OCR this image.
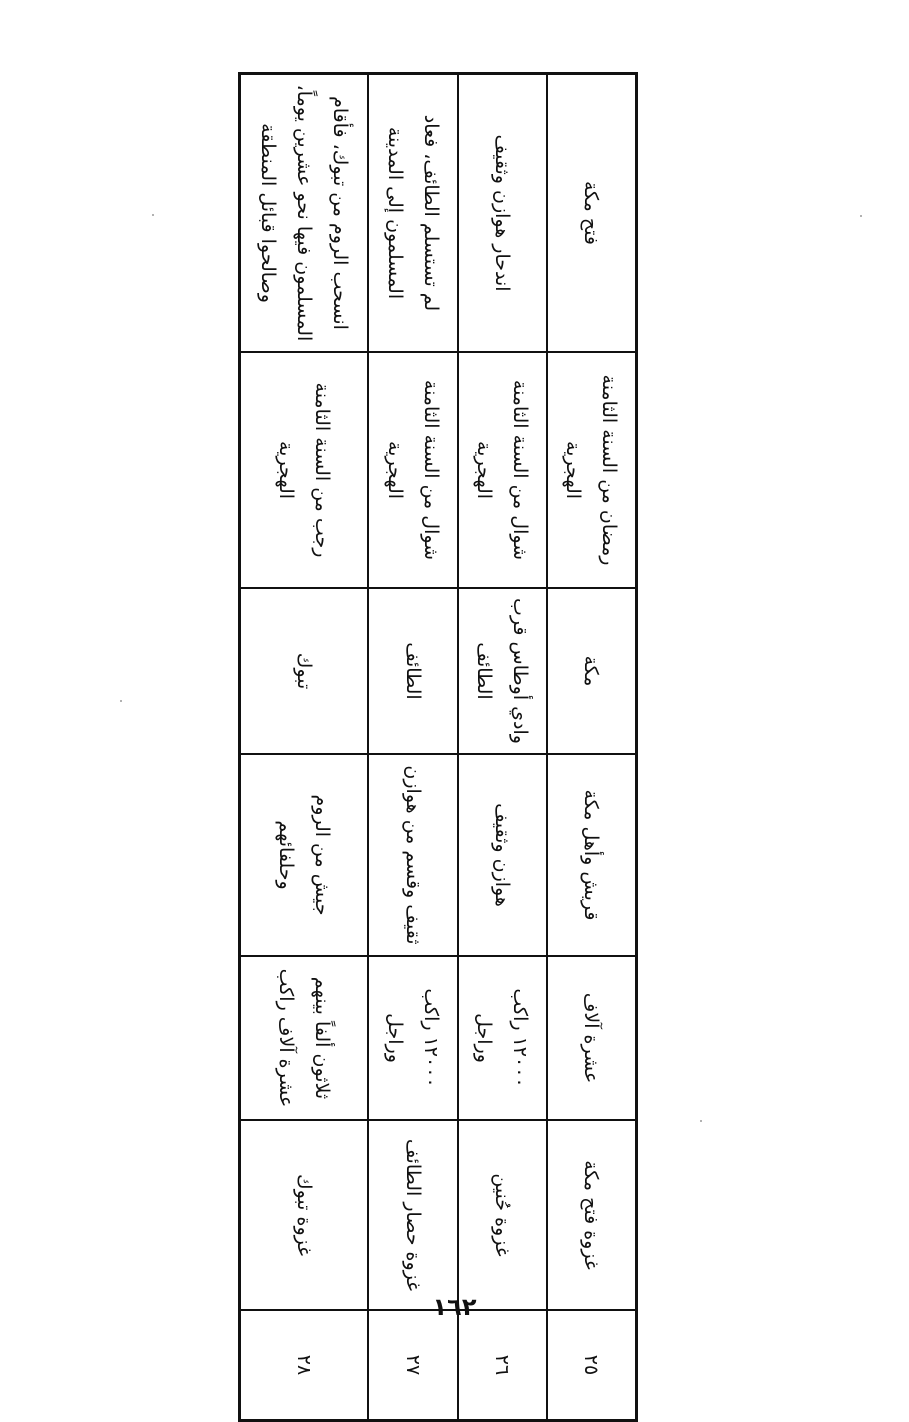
٢٥	غزوة فتح مكة	عشرة آلاف	قريش وأهل مكة	مكة	رمضان من السنة الثامنة الهجرية	فتح مكة
٢٦	غزوة حُنين	١٢٠٠٠ راكب وراجل	هوازن وثقيف	وادي أوطاس قرب الطائف	شوال من السنة الثامنة الهجرية	اندحار هوازن وثقيف
٢٧	غزوة حصار الطائف	١٢٠٠٠ راكب وراجل	ثقيف وقسم من هوازن	الطائف	شوال من السنة الثامنة الهجرية	لم تستسلم الطائف، فعاد المسلمون إلى المدينة
٢٨	غزوة تبوك	ثلاثون ألفاً بينهم عشرة آلاف راكب	جيش من الروم وحلفائهم	تبوك	رجب من السنة الثامنة الهجرية	انسحب الروم من تبوك، فأقام المسلمون فيها نحو عشرين يوماً، وصالحوا قبائل المنطقة
١٦٢
